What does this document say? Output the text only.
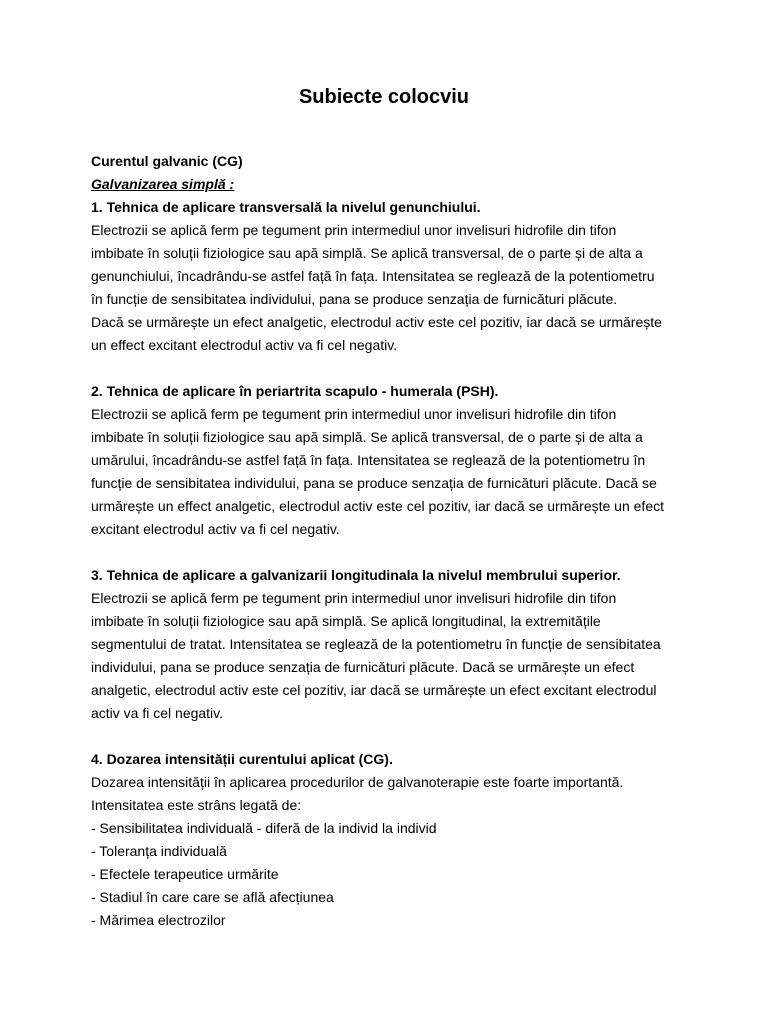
Subiecte colocviu
Curentul galvanic (CG)
Galvanizarea simplă :
1. Tehnica de aplicare transversală la nivelul genunchiului.
Electrozii se aplică ferm pe tegument prin intermediul unor invelisuri hidrofile din tifon
imbibate în soluții fiziologice sau apă simplă. Se aplică transversal, de o parte și de alta a
genunchiului, încadrându-se astfel față în fața. Intensitatea se reglează de la potentiometru
în funcție de sensibitatea individului, pana se produce senzația de furnicături plăcute.
Dacă se urmărește un efect analgetic, electrodul activ este cel pozitiv, iar dacă se urmărește
un effect excitant electrodul activ va fi cel negativ.
2. Tehnica de aplicare în periartrita scapulo - humerala (PSH).
Electrozii se aplică ferm pe tegument prin intermediul unor invelisuri hidrofile din tifon
imbibate în soluții fiziologice sau apă simplă. Se aplică transversal, de o parte și de alta a
umărului, încadrându-se astfel față în fața. Intensitatea se reglează de la potentiometru în
funcție de sensibitatea individului, pana se produce senzația de furnicături plăcute. Dacă se
urmărește un effect analgetic, electrodul activ este cel pozitiv, iar dacă se urmărește un efect
excitant electrodul activ va fi cel negativ.
3. Tehnica de aplicare a galvanizarii longitudinala la nivelul membrului superior.
Electrozii se aplică ferm pe tegument prin intermediul unor invelisuri hidrofile din tifon
imbibate în soluții fiziologice sau apă simplă. Se aplică longitudinal, la extremitățile
segmentului de tratat. Intensitatea se reglează de la potentiometru în funcție de sensibitatea
individului, pana se produce senzația de furnicături plăcute. Dacă se urmărește un efect
analgetic, electrodul activ este cel pozitiv, iar dacă se urmărește un efect excitant electrodul
activ va fi cel negativ.
4. Dozarea intensității curentului aplicat (CG).
Dozarea intensității în aplicarea procedurilor de galvanoterapie este foarte importantă.
Intensitatea este strâns legată de:
- Sensibilitatea individuală - diferă de la individ la individ
- Toleranța individuală
- Efectele terapeutice urmărite
- Stadiul în care care se află afecțiunea
- Mărimea electrozilor
